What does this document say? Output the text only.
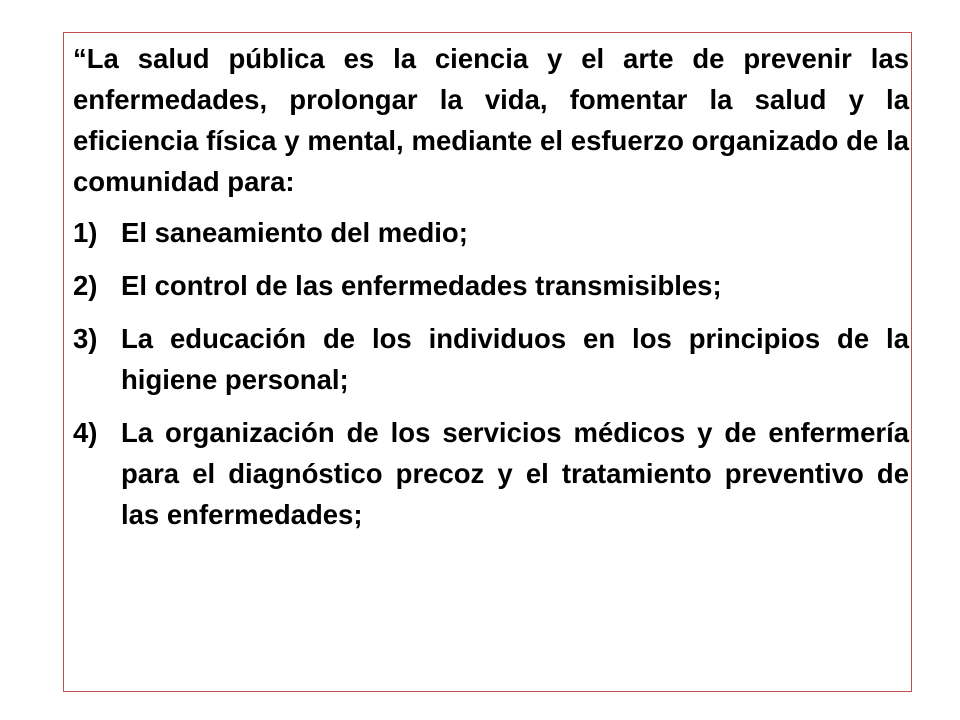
“La salud pública es la ciencia y el arte de prevenir las enfermedades, prolongar la vida, fomentar la salud y la eficiencia física y mental, mediante el esfuerzo organizado de la comunidad para:

1) El saneamiento del medio;
2) El control de las enfermedades transmisibles;
3) La educación de los individuos en los principios de la higiene personal;
4) La organización de los servicios médicos y de enfermería para el diagnóstico precoz y el tratamiento preventivo de las enfermedades;
